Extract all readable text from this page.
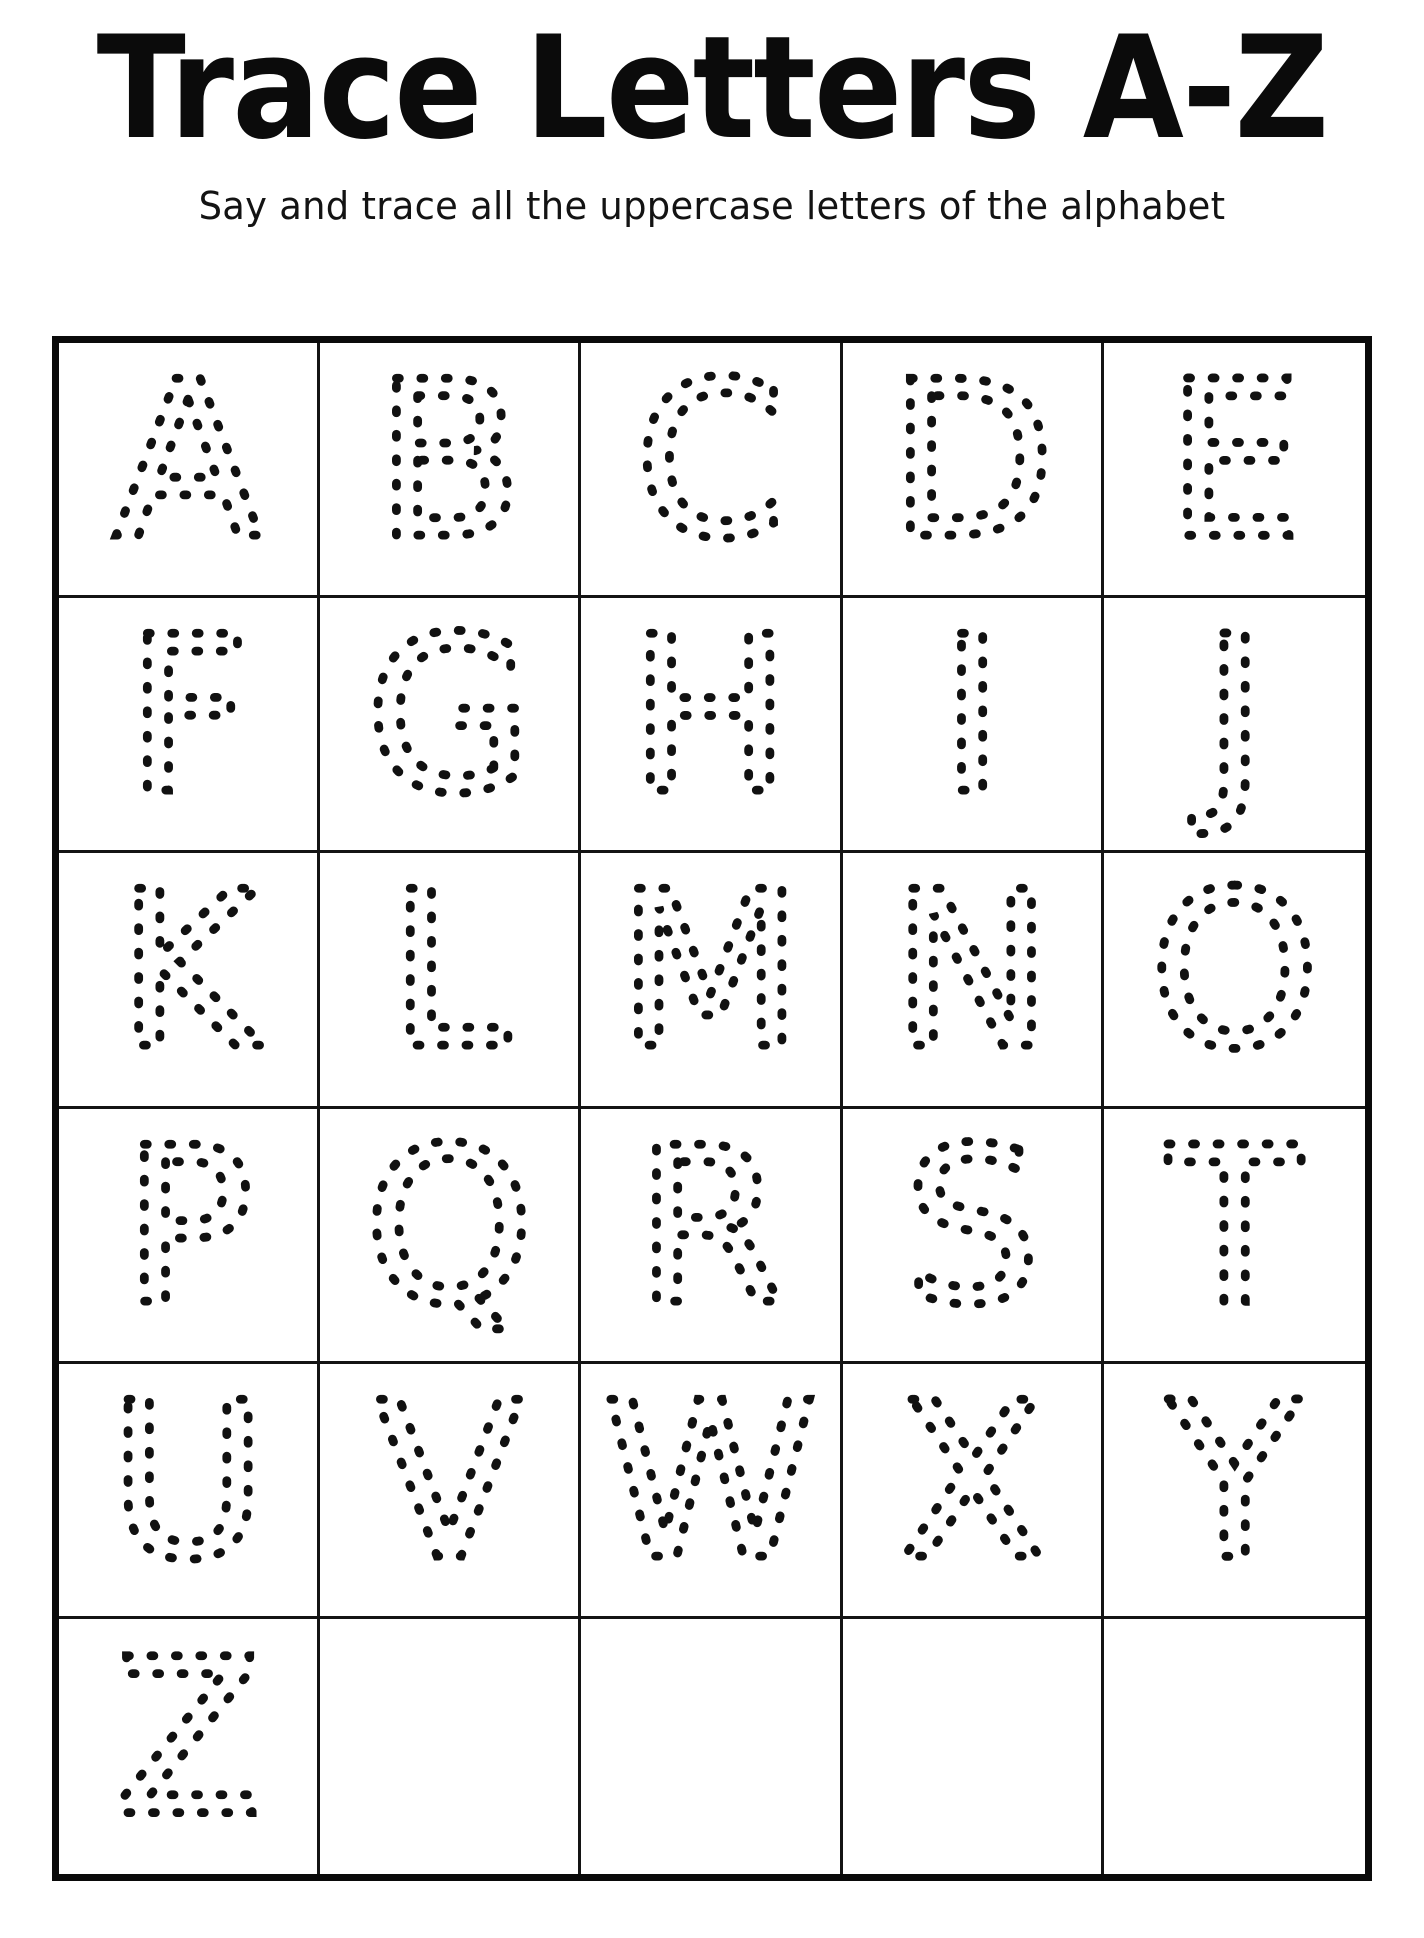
Trace Letters A-Z

Say and trace all the uppercase letters of the alphabet

A B C D E
F G H I J
K L M N O
P Q R S T
U V W X Y
Z
